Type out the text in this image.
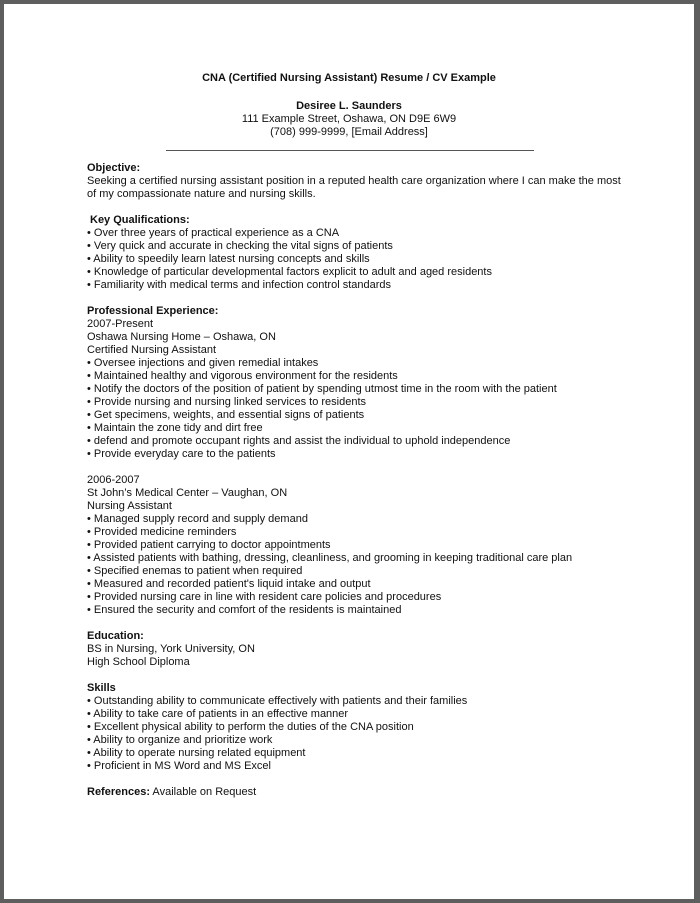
CNA (Certified Nursing Assistant) Resume / CV Example
Desiree L. Saunders
111 Example Street, Oshawa, ON D9E 6W9
(708) 999-9999, [Email Address]
Objective:
Seeking a certified nursing assistant position in a reputed health care organization where I can make the most of my compassionate nature and nursing skills.
Key Qualifications:
• Over three years of practical experience as a CNA
• Very quick and accurate in checking the vital signs of patients
• Ability to speedily learn latest nursing concepts and skills
• Knowledge of particular developmental factors explicit to adult and aged residents
• Familiarity with medical terms and infection control standards
Professional Experience:
2007-Present
Oshawa Nursing Home – Oshawa, ON
Certified Nursing Assistant
• Oversee injections and given remedial intakes
• Maintained healthy and vigorous environment for the residents
• Notify the doctors of the position of patient by spending utmost time in the room with the patient
• Provide nursing and nursing linked services to residents
• Get specimens, weights, and essential signs of patients
• Maintain the zone tidy and dirt free
• defend and promote occupant rights and assist the individual to uphold independence
• Provide everyday care to the patients
2006-2007
St John’s Medical Center – Vaughan, ON
Nursing Assistant
• Managed supply record and supply demand
• Provided medicine reminders
• Provided patient carrying to doctor appointments
• Assisted patients with bathing, dressing, cleanliness, and grooming in keeping traditional care plan
• Specified enemas to patient when required
• Measured and recorded patient's liquid intake and output
• Provided nursing care in line with resident care policies and procedures
• Ensured the security and comfort of the residents is maintained
Education:
BS in Nursing, York University, ON
High School Diploma
Skills
• Outstanding ability to communicate effectively with patients and their families
• Ability to take care of patients in an effective manner
• Excellent physical ability to perform the duties of the CNA position
• Ability to organize and prioritize work
• Ability to operate nursing related equipment
• Proficient in MS Word and MS Excel
References: Available on Request
